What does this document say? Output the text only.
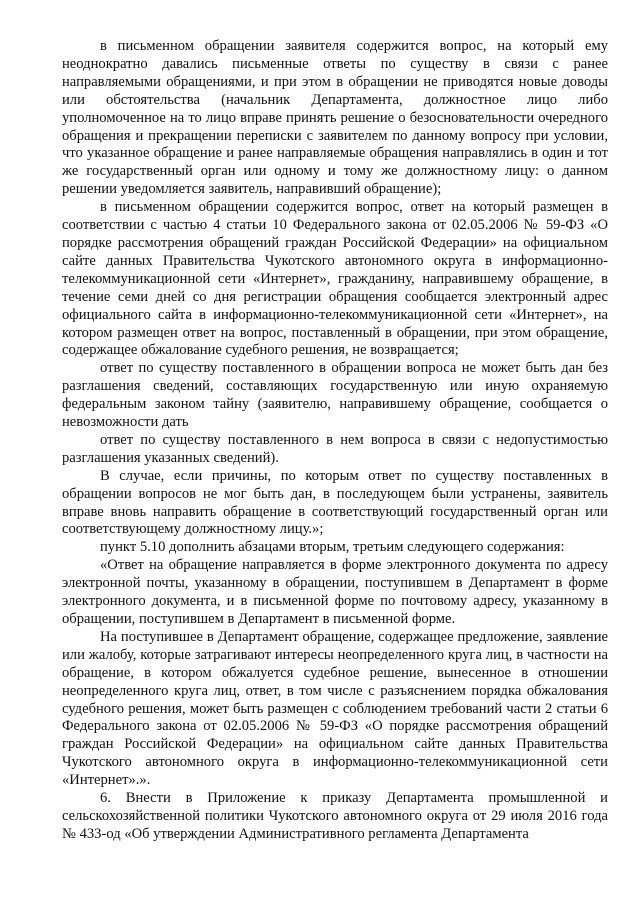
в письменном обращении заявителя содержится вопрос, на который ему неоднократно давались письменные ответы по существу в связи с ранее направляемыми обращениями, и при этом в обращении не приводятся новые доводы или обстоятельства (начальник Департамента, должностное лицо либо уполномоченное на то лицо вправе принять решение о безосновательности очередного обращения и прекращении переписки с заявителем по данному вопросу при условии, что указанное обращение и ранее направляемые обращения направлялись в один и тот же государственный орган или одному и тому же должностному лицу: о данном решении уведомляется заявитель, направивший обращение);

в письменном обращении содержится вопрос, ответ на который размещен в соответствии с частью 4 статьи 10 Федерального закона от 02.05.2006 № 59-ФЗ «О порядке рассмотрения обращений граждан Российской Федерации» на официальном сайте данных Правительства Чукотского автономного округа в информационно-телекоммуникационной сети «Интернет», гражданину, направившему обращение, в течение семи дней со дня регистрации обращения сообщается электронный адрес официального сайта в информационно-телекоммуникационной сети «Интернет», на котором размещен ответ на вопрос, поставленный в обращении, при этом обращение, содержащее обжалование судебного решения, не возвращается;

ответ по существу поставленного в обращении вопроса не может быть дан без разглашения сведений, составляющих государственную или иную охраняемую федеральным законом тайну (заявителю, направившему обращение, сообщается о невозможности дать

ответ по существу поставленного в нем вопроса в связи с недопустимостью разглашения указанных сведений).

В случае, если причины, по которым ответ по существу поставленных в обращении вопросов не мог быть дан, в последующем были устранены, заявитель вправе вновь направить обращение в соответствующий государственный орган или соответствующему должностному лицу.»;

пункт 5.10 дополнить абзацами вторым, третьим следующего содержания:

«Ответ на обращение направляется в форме электронного документа по адресу электронной почты, указанному в обращении, поступившем в Департамент в форме электронного документа, и в письменной форме по почтовому адресу, указанному в обращении, поступившем в Департамент в письменной форме.

На поступившее в Департамент обращение, содержащее предложение, заявление или жалобу, которые затрагивают интересы неопределенного круга лиц, в частности на обращение, в котором обжалуется судебное решение, вынесенное в отношении неопределенного круга лиц, ответ, в том числе с разъяснением порядка обжалования судебного решения, может быть размещен с соблюдением требований части 2 статьи 6 Федерального закона от 02.05.2006 № 59-ФЗ «О порядке рассмотрения обращений граждан Российской Федерации» на официальном сайте данных Правительства Чукотского автономного округа в информационно-телекоммуникационной сети «Интернет».».

6. Внести в Приложение к приказу Департамента промышленной и сельскохозяйственной политики Чукотского автономного округа от 29 июля 2016 года № 433-од «Об утверждении Административного регламента Департамента
